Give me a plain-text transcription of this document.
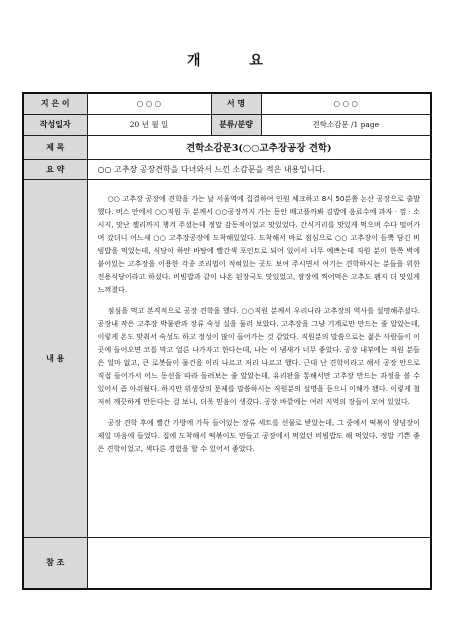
개 요
지 은 이	○ ○ ○	서 명	○ ○ ○
작성일자	20 년 월 일	분류/분량	견학소감문 /1 page
제 목	견학소감문3(○○고추장공장 견학)		
요 약	○○ 고추장 공장견학을 다녀와서 느낀 소감문을 적은 내용입니다.		
내 용	○○ 고추장 공장에 견학을 가는 날 서울역에 집결하여 인원 체크하고 8시 50분쯤 논산 공장으로 출발했다. 버스 안에서 ○○직원 두 분께서 ○○공장까지 가는 동안 배고플까봐 김밥에 음료수에 과자 · 껌 · 소시지, 맛난 젤리까지 챙겨 주셨는데 정말 감동적이었고 맛있었다. 간식거리를 맛있게 먹으며 수다 떨어가며 갔더니 어느새 ○○ 고추장공장에 도착해있었다. 도착해서 바로 점심으로 ○○ 고추장이 듬뿍 담긴 비빔밥을 먹었는데, 식당이 하얀 바탕에 빨간색 포인트로 되어 있어서 너무 예쁘는데 직원 분이 한쪽 벽에 붙어있는 고추장을 이용한 각종 조리법이 적혀있는 곳도 보여 주시면서 여기는 견학하시는 분들을 위한 전용식당이라고 하셨다. 비빔밥과 같이 나온 된장국도 맛있었고, 쌈장에 찍어먹은 고추도 왠지 더 맛있게 느껴졌다.

점심을 먹고 본격적으로 공장 견학을 했다. ○○직원 분께서 우리나라 고추장의 역사를 설명해주셨다. 공장내 작은 고추장 박물관과 장류 숙성 실을 둘러 보았다. 고추장을 그냥 기계로만 만드는 줄 알았는데, 이렇게 온도 맞춰서 숙성도 하고 정성이 많이 들어가는 것 같았다. 직원분의 말씀으로는 젊은 사람들이 이곳에 들어오면 코를 막고 얼른 나가자고 한다는데, 나는 이 냄새가 너무 좋았다. 공장 내부에는 직원 분들은 얼마 없고, 큰 로봇들이 물건을 이리 나르고 저리 나르고 했다. 근데 난 견학이라고 해서 공장 안으로 직접 들어가서 어느 동선을 따라 돌려보는 줄 알았는데, 유리판을 통해서만 고추장 만드는 과정을 볼 수 있어서 좀 아쉬웠다. 하지만 위생상의 문제를 말씀하시는 직원분의 설명을 듣으니 이해가 됐다. 이렇게 철저히 깨끗하게 만든다는 걸 보니, 더욱 믿음이 생겼다. 공장 바깥에는 여러 지역의 장들이 모여 있었다.

공장 견학 후에 빨간 가방에 가득 들어있는 장류 세트를 선물로 받았는데, 그 중에서 떡볶이 양념장이 제일 마음에 들었다. 집에 도착해서 떡볶이도 만들고 공장에서 먹었던 비빔밥도 해 먹었다. 정말 기쁜 좋은 견학이었고, 색다른 경험을 할 수 있어서 좋았다.		

참 조			
